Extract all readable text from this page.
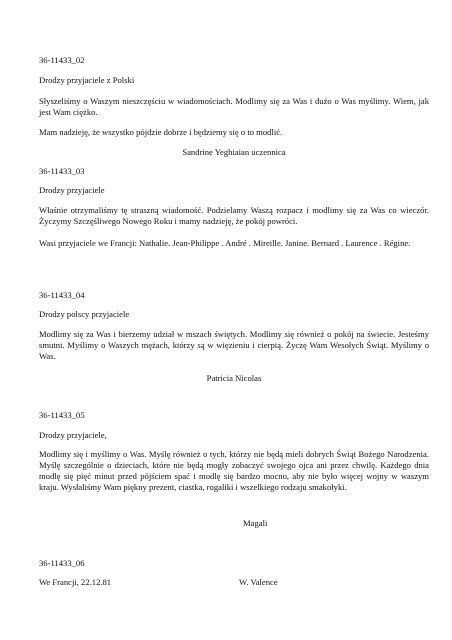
36-11433_02
Drodzy przyjaciele z Polski
Słyszeliśmy o Waszym nieszczęściu w wiadomościach. Modlimy się za Was i dużo o Was myślimy. Wiem, jak jest Wam ciężko.
Mam nadzieję, że wszystko pójdzie dobrze i będziemy się o to modlić.
Sandrine Yeghiaian uczennica
36-11433_03
Drodzy przyjaciele
Właśnie otrzymaliśmy tę straszną wiadomość. Podzielamy Waszą rozpacz i modlimy się za Was co wieczór. Życzymy Szczęśliwego Nowego Roku i mamy nadzieję, że pokój powróci.
Wasi przyjaciele we Francji: Nathalie. Jean-Philippe . André . Mireille. Janine. Bernard . Laurence . Régine.
36-11433_04
Drodzy polscy przyjaciele
Modlimy się za Was i bierzemy udział w mszach świętych. Modlimy się również o pokój na świecie. Jesteśmy smutni. Myślimy o Waszych mężach, którzy są w więzieniu i cierpią. Życzę Wam Wesołych Świąt. Myślimy o Was.
Patricia Nicolas
36-11433_05
Drodzy przyjaciele,
Modlimy się i myślimy o Was. Myślę również o tych, którzy nie będą mieli dobrych Świąt Bożego Narodzenia. Myślę szczególnie o dzieciach, które nie będą mogły zobaczyć swojego ojca ani przez chwilę. Każdego dnia modlę się pięć minut przed pójściem spać i modlę się bardzo mocno, aby nie było więcej wojny w waszym kraju. Wysłaliśmy Wam piękny prezent, ciastka, rogaliki i wszelkiego rodzaju smakołyki.
Magali
36-11433_06
We Francji, 22.12.81	W. Valence
